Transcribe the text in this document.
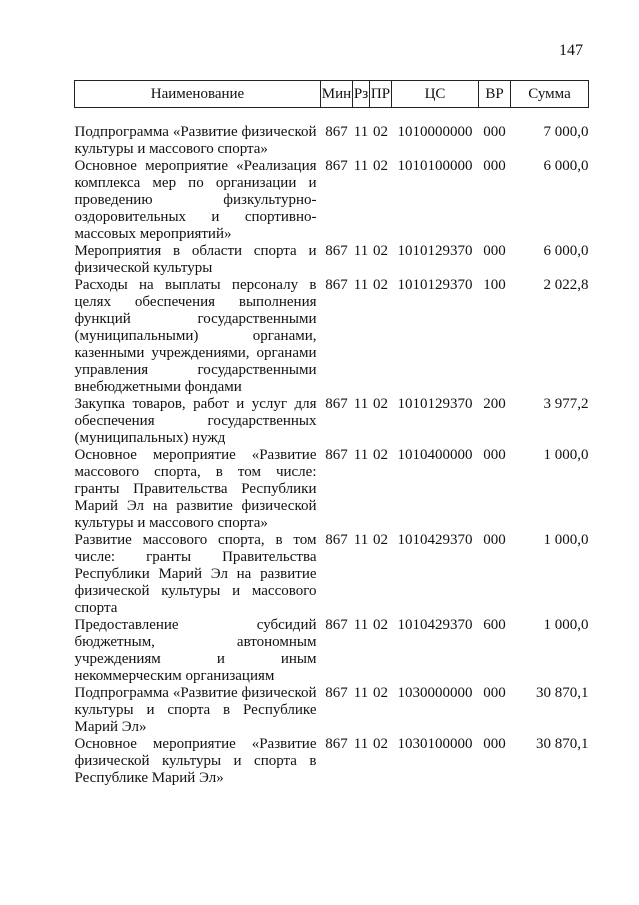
147
Наименование	Мин	Рз	ПР	ЦС	ВР	Сумма
Подпрограмма «Развитие физической культуры и массового спорта»	867	11	02	1010000000	000	7 000,0
Основное мероприятие «Реализация комплекса мер по организации и проведению физкультурно-оздоровительных и спортивно-массовых мероприятий»	867	11	02	1010100000	000	6 000,0
Мероприятия в области спорта и физической культуры	867	11	02	1010129370	000	6 000,0
Расходы на выплаты персоналу в целях обеспечения выполнения функций государственными (муниципальными) органами, казенными учреждениями, органами управления государственными внебюджетными фондами	867	11	02	1010129370	100	2 022,8
Закупка товаров, работ и услуг для обеспечения государственных (муниципальных) нужд	867	11	02	1010129370	200	3 977,2
Основное мероприятие «Развитие массового спорта, в том числе: гранты Правительства Республики Марий Эл на развитие физической культуры и массового спорта»	867	11	02	1010400000	000	1 000,0
Развитие массового спорта, в том числе: гранты Правительства Республики Марий Эл на развитие физической культуры и массового спорта	867	11	02	1010429370	000	1 000,0
Предоставление субсидий бюджетным, автономным учреждениям и иным некоммерческим организациям	867	11	02	1010429370	600	1 000,0
Подпрограмма «Развитие физической культуры и спорта в Республике Марий Эл»	867	11	02	1030000000	000	30 870,1
Основное мероприятие «Развитие физической культуры и спорта в Республике Марий Эл»	867	11	02	1030100000	000	30 870,1
